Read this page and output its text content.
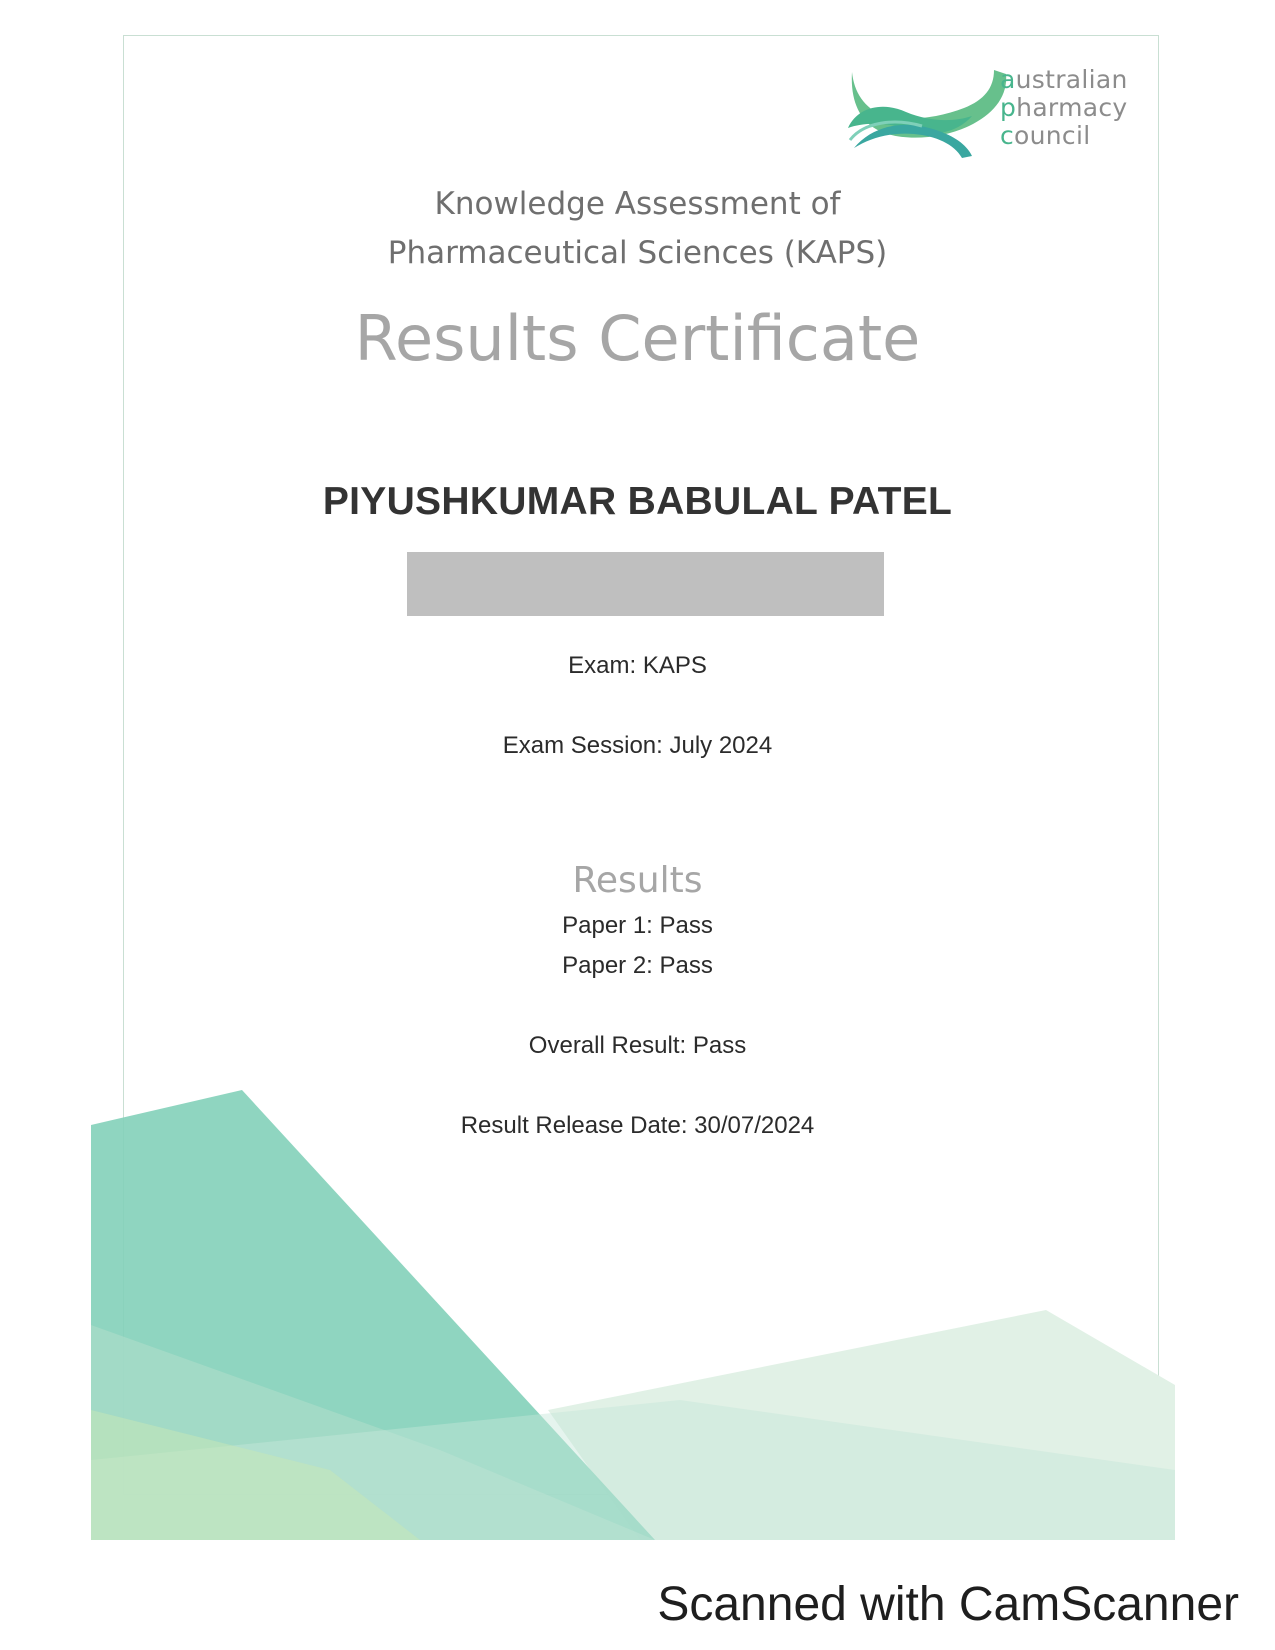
australian
pharmacy
council
Knowledge Assessment of
Pharmaceutical Sciences (KAPS)
Results Certificate
PIYUSHKUMAR BABULAL PATEL
Exam: KAPS
Exam Session: July 2024
Results
Paper 1: Pass
Paper 2: Pass
Overall Result: Pass
Result Release Date: 30/07/2024
Scanned with CamScanner
